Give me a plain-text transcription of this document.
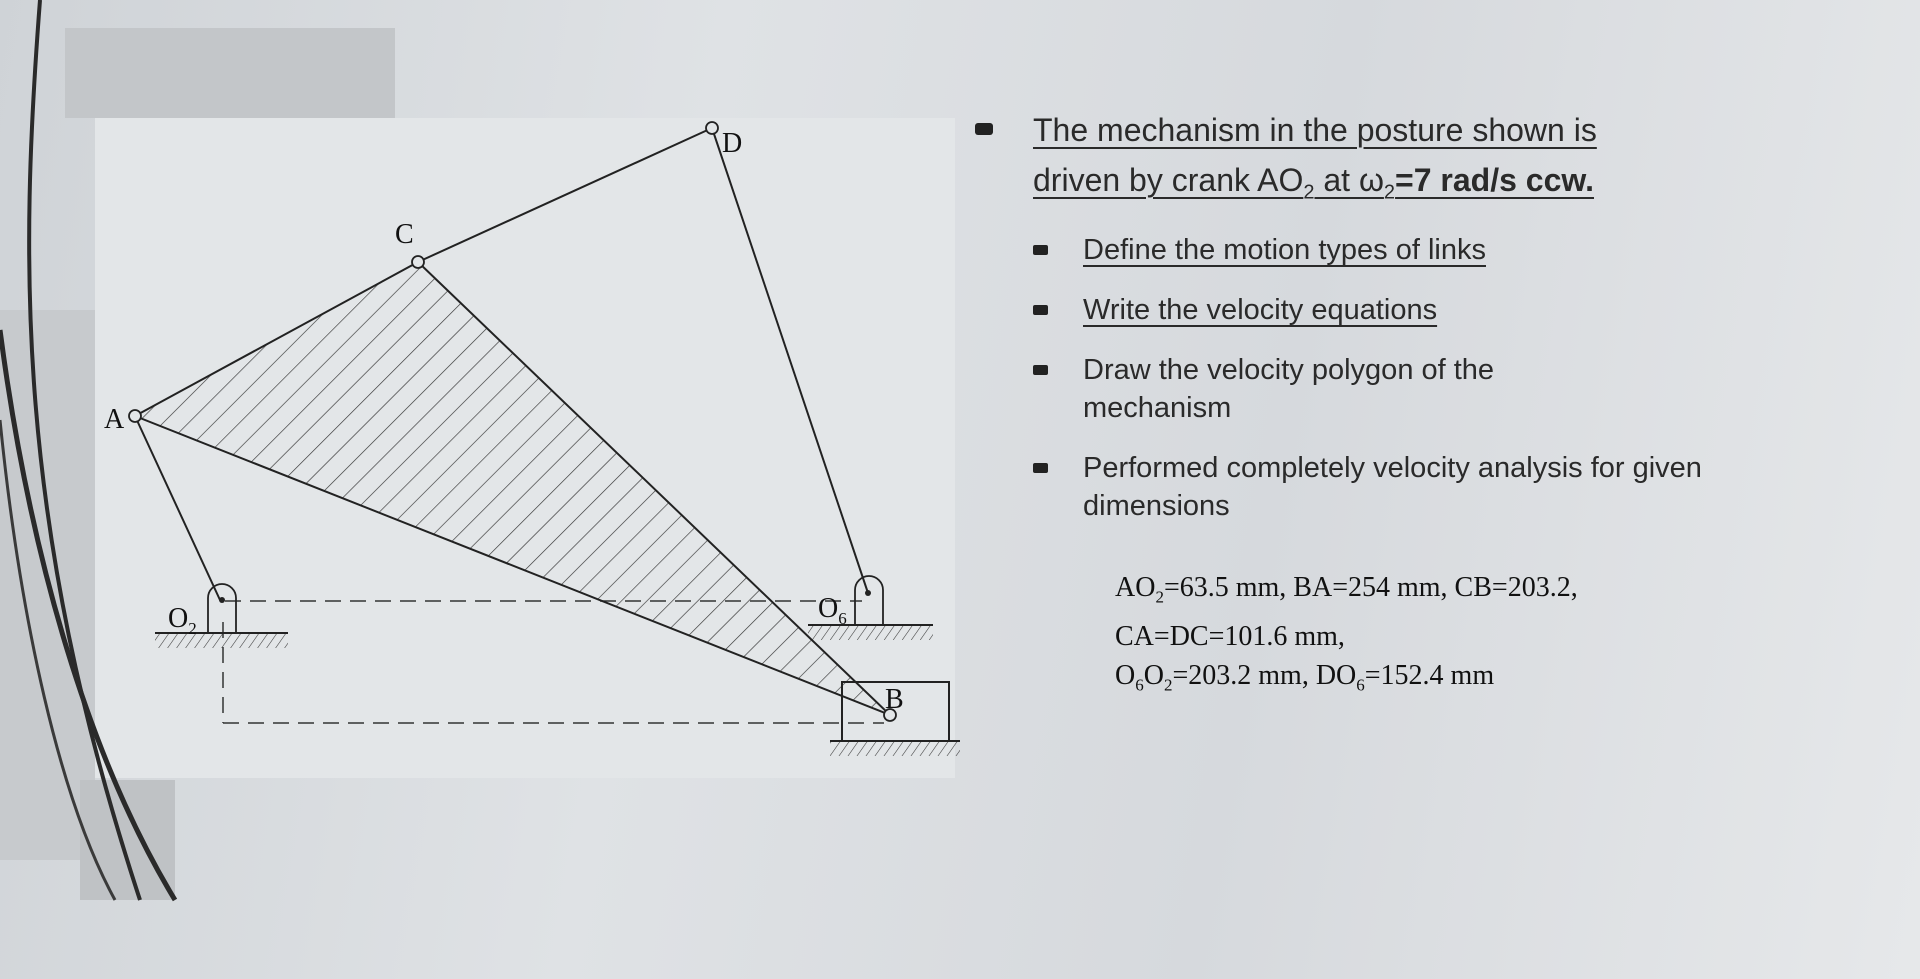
A
C
D
B
$O_2$
$O_6$
The mechanism in the posture shown is
driven by crank $AO_2$ at $\omega_2=7$ rad/s ccw.
Define the motion types of links
Write the velocity equations
Draw the velocity polygon of the mechanism
Performed completely velocity analysis for given dimensions
$AO_2=63.5$ mm, BA=254 mm, CB=203.2,
CA=DC=101.6 mm,
$O_6O_2=203.2$ mm, $DO_6=152.4$ mm
